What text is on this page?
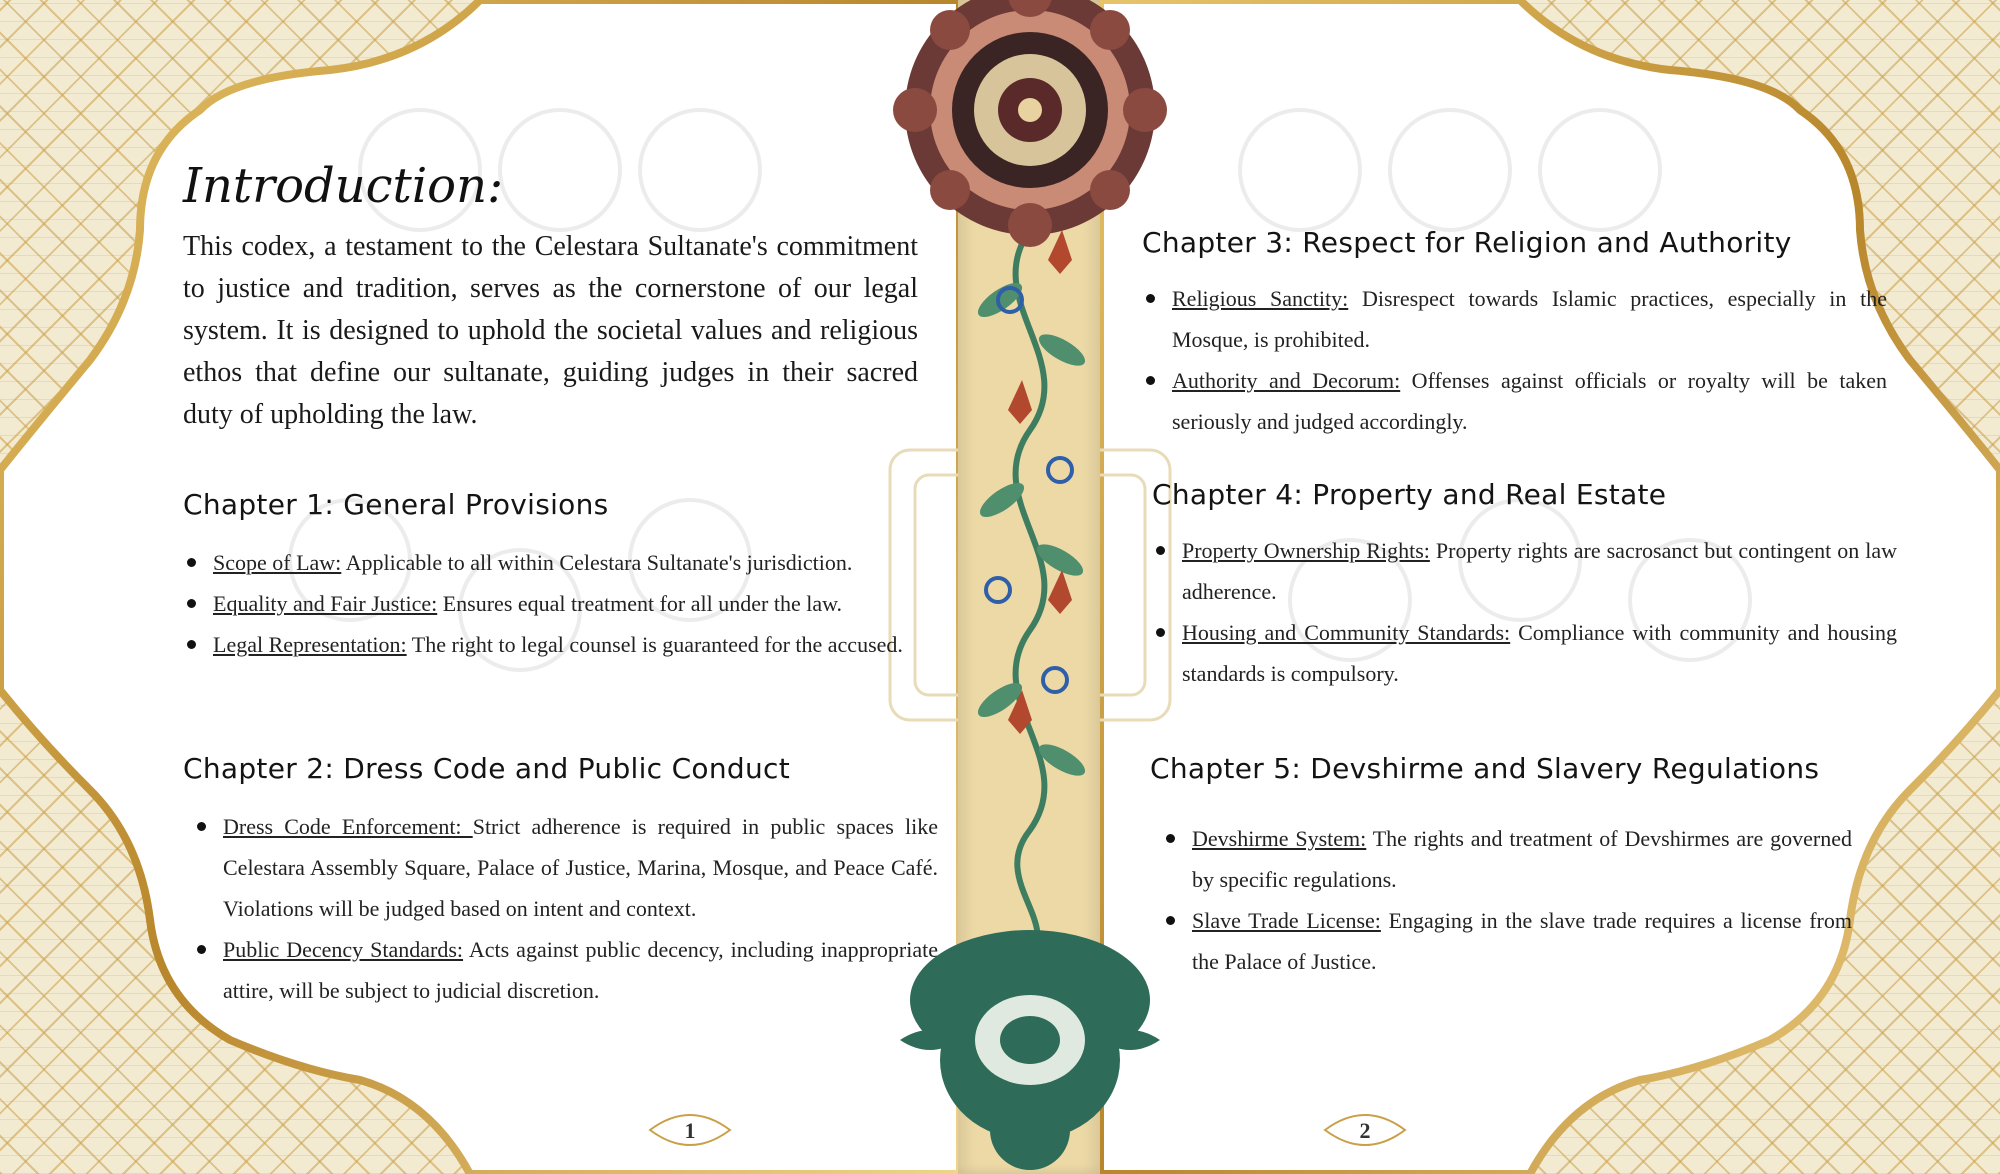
Introduction:
This codex, a testament to the Celestara Sultanate's commitment to justice and tradition, serves as the cornerstone of our legal system. It is designed to uphold the societal values and religious ethos that define our sultanate, guiding judges in their sacred duty of upholding the law.
Chapter 1: General Provisions
Scope of Law: Applicable to all within Celestara Sultanate's jurisdiction.
Equality and Fair Justice: Ensures equal treatment for all under the law.
Legal Representation: The right to legal counsel is guaranteed for the accused.
Chapter 2: Dress Code and Public Conduct
Dress Code Enforcement: Strict adherence is required in public spaces like Celestara Assembly Square, Palace of Justice, Marina, Mosque, and Peace Café. Violations will be judged based on intent and context.
Public Decency Standards: Acts against public decency, including inappropriate attire, will be subject to judicial discretion.
1
Chapter 3: Respect for Religion and Authority
Religious Sanctity: Disrespect towards Islamic practices, especially in the Mosque, is prohibited.
Authority and Decorum: Offenses against officials or royalty will be taken seriously and judged accordingly.
Chapter 4: Property and Real Estate
Property Ownership Rights: Property rights are sacrosanct but contingent on law adherence.
Housing and Community Standards: Compliance with community and housing standards is compulsory.
Chapter 5: Devshirme and Slavery Regulations
Devshirme System: The rights and treatment of Devshirmes are governed by specific regulations.
Slave Trade License: Engaging in the slave trade requires a license from the Palace of Justice.
2
